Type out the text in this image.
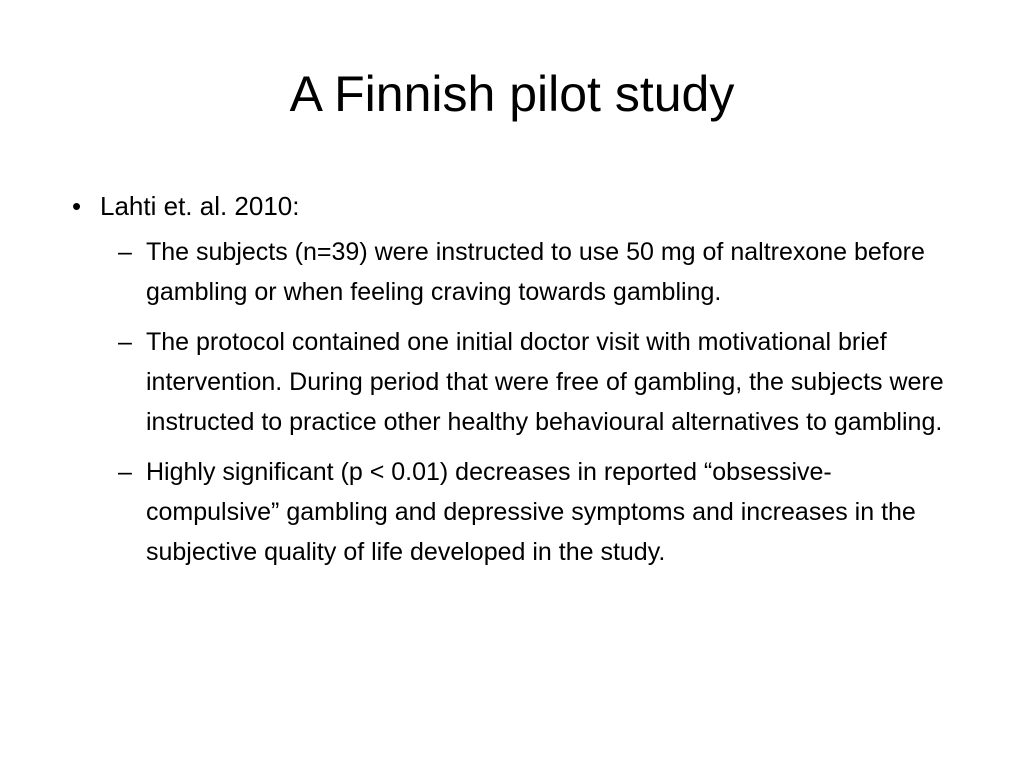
A Finnish pilot study
• Lahti et. al. 2010:
– The subjects (n=39) were instructed to use 50 mg of naltrexone before gambling or when feeling craving towards gambling.
– The protocol contained one initial doctor visit with motivational brief intervention. During period that were free of gambling, the subjects were instructed to practice other healthy behavioural alternatives to gambling.
– Highly significant (p < 0.01) decreases in reported “obsessive-compulsive” gambling and depressive symptoms and increases in the subjective quality of life developed in the study.
